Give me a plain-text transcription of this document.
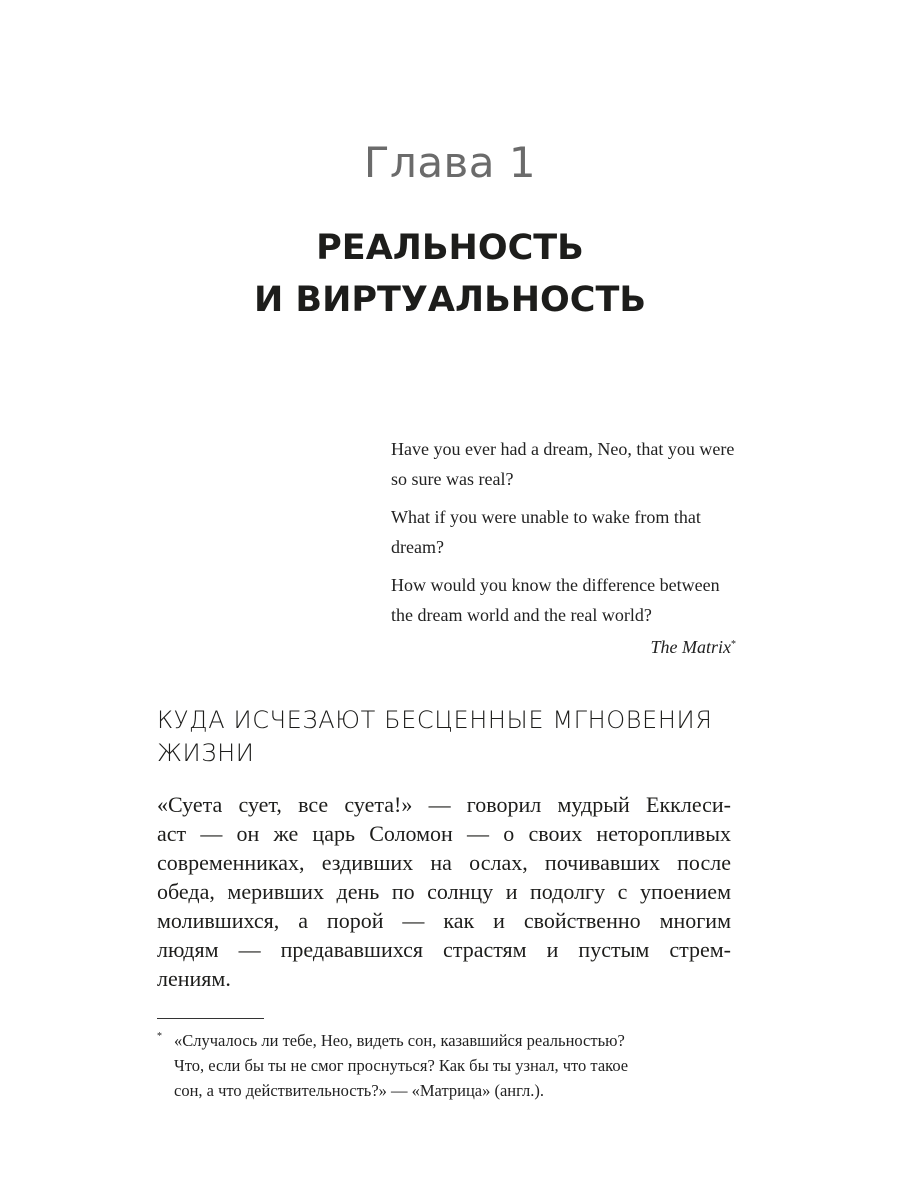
Глава 1
РЕАЛЬНОСТЬ
И ВИРТУАЛЬНОСТЬ

Have you ever had a dream, Neo, that you were so sure was real?

What if you were unable to wake from that dream?

How would you know the difference between the dream world and the real world?

The Matrix*

КУДА ИСЧЕЗАЮТ БЕСЦЕННЫЕ МГНОВЕНИЯ
ЖИЗНИ
«Суета сует, все суета!» — говорил мудрый Екклеси-
аст — он же царь Соломон — о своих неторопливых
современниках, ездивших на ослах, почивавших после
обеда, меривших день по солнцу и подолгу с упоением
молившихся, а порой — как и свойственно многим
людям — предававшихся страстям и пустым стрем-
лениям.
* «Случалось ли тебе, Нео, видеть сон, казавшийся реальностью?
Что, если бы ты не смог проснуться? Как бы ты узнал, что такое
сон, а что действительность?» — «Матрица» (англ.).
